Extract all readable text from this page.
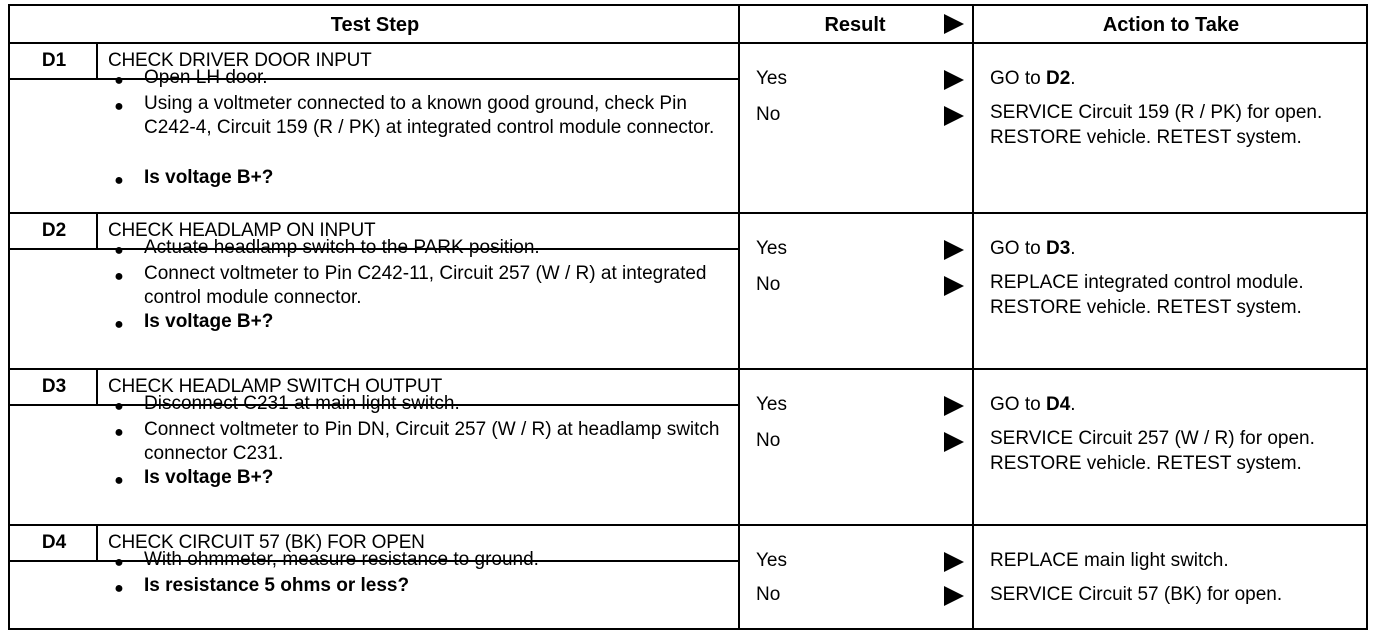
Test Step	Result	Action to Take
D1	CHECK DRIVER DOOR INPUT
●	Open LH door.
●	Using a voltmeter connected to a known good ground, check Pin C242-4, Circuit 159 (R / PK) at integrated control module connector.
●	Is voltage B+?
Yes	GO to D2.
No	SERVICE Circuit 159 (R / PK) for open. RESTORE vehicle. RETEST system.
D2	CHECK HEADLAMP ON INPUT
●	Actuate headlamp switch to the PARK position.
●	Connect voltmeter to Pin C242-11, Circuit 257 (W / R) at integrated control module connector.
●	Is voltage B+?
Yes	GO to D3.
No	REPLACE integrated control module. RESTORE vehicle. RETEST system.
D3	CHECK HEADLAMP SWITCH OUTPUT
●	Disconnect C231 at main light switch.
●	Connect voltmeter to Pin DN, Circuit 257 (W / R) at headlamp switch connector C231.
●	Is voltage B+?
Yes	GO to D4.
No	SERVICE Circuit 257 (W / R) for open. RESTORE vehicle. RETEST system.
D4	CHECK CIRCUIT 57 (BK) FOR OPEN
●	With ohmmeter, measure resistance to ground.
●	Is resistance 5 ohms or less?
Yes	REPLACE main light switch.
No	SERVICE Circuit 57 (BK) for open.
